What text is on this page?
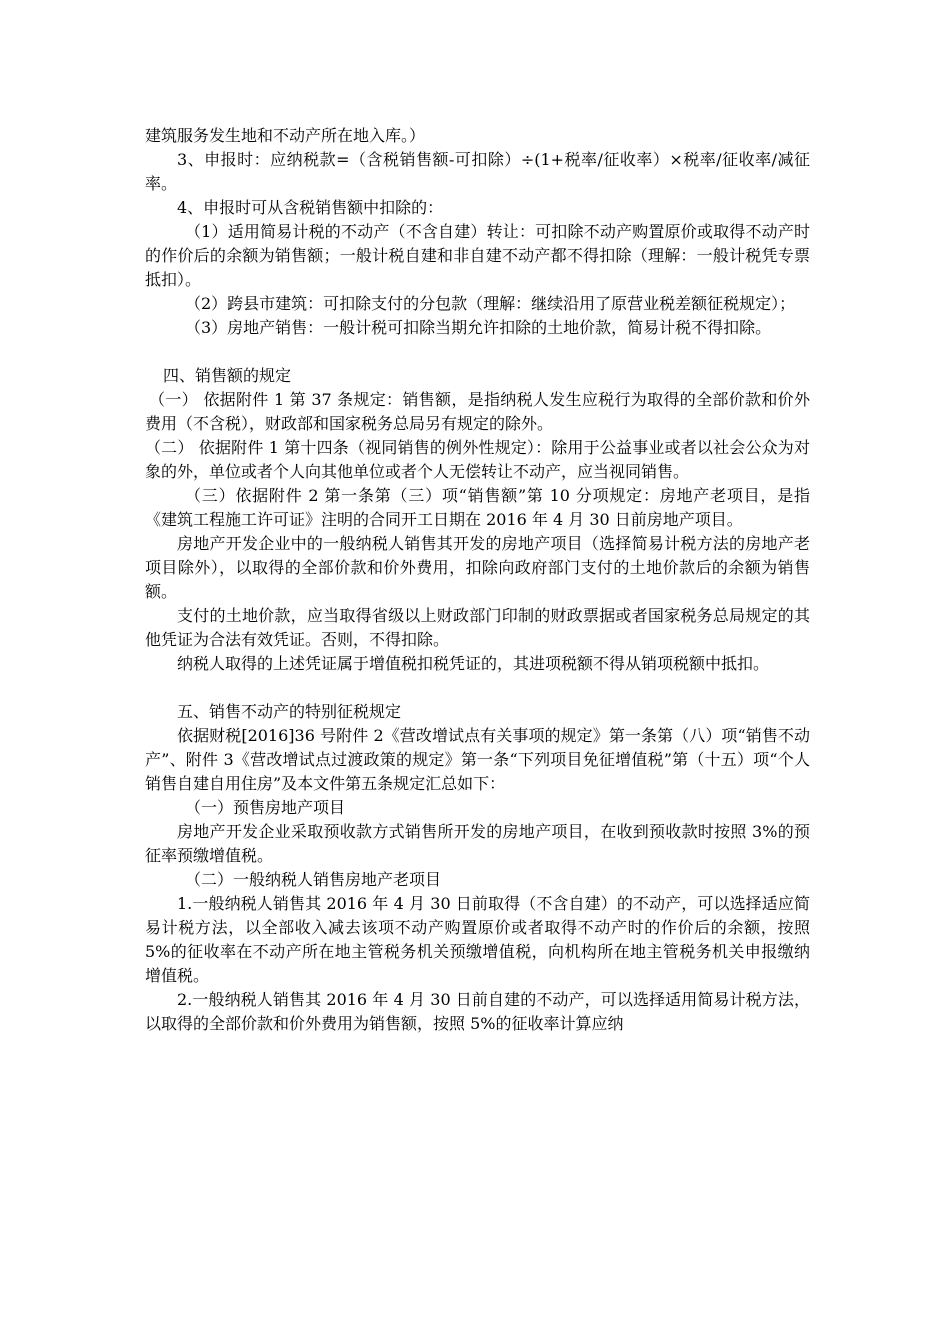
建筑服务发生地和不动产所在地入库。）

3、申报时：应纳税款=（含税销售额-可扣除）÷(1+税率/征收率）×税率/征收率/减征率。

4、申报时可从含税销售额中扣除的：

（1）适用简易计税的不动产（不含自建）转让：可扣除不动产购置原价或取得不动产时的作价后的余额为销售额；一般计税自建和非自建不动产都不得扣除（理解：一般计税凭专票抵扣）。

（2）跨县市建筑：可扣除支付的分包款（理解：继续沿用了原营业税差额征税规定）；

（3）房地产销售：一般计税可扣除当期允许扣除的土地价款，简易计税不得扣除。

四、销售额的规定

（一） 依据附件 1 第 37 条规定：销售额，是指纳税人发生应税行为取得的全部价款和价外费用（不含税），财政部和国家税务总局另有规定的除外。

（二） 依据附件 1 第十四条（视同销售的例外性规定）：除用于公益事业或者以社会公众为对象的外，单位或者个人向其他单位或者个人无偿转让不动产，应当视同销售。

（三）依据附件 2 第一条第（三）项“销售额”第 10 分项规定：房地产老项目，是指《建筑工程施工许可证》注明的合同开工日期在 2016 年 4 月 30 日前房地产项目。

房地产开发企业中的一般纳税人销售其开发的房地产项目（选择简易计税方法的房地产老项目除外），以取得的全部价款和价外费用，扣除向政府部门支付的土地价款后的余额为销售额。

支付的土地价款，应当取得省级以上财政部门印制的财政票据或者国家税务总局规定的其他凭证为合法有效凭证。否则，不得扣除。

纳税人取得的上述凭证属于增值税扣税凭证的，其进项税额不得从销项税额中抵扣。

五、销售不动产的特别征税规定

依据财税[2016]36 号附件 2《营改增试点有关事项的规定》第一条第（八）项“销售不动产”、附件 3《营改增试点过渡政策的规定》第一条“下列项目免征增值税”第（十五）项“个人销售自建自用住房”及本文件第五条规定汇总如下：

（一）预售房地产项目

房地产开发企业采取预收款方式销售所开发的房地产项目，在收到预收款时按照 3%的预征率预缴增值税。

（二）一般纳税人销售房地产老项目

1.一般纳税人销售其 2016 年 4 月 30 日前取得（不含自建）的不动产，可以选择适应简易计税方法，以全部收入减去该项不动产购置原价或者取得不动产时的作价后的余额，按照 5%的征收率在不动产所在地主管税务机关预缴增值税，向机构所在地主管税务机关申报缴纳增值税。

2.一般纳税人销售其 2016 年 4 月 30 日前自建的不动产，可以选择适用简易计税方法，以取得的全部价款和价外费用为销售额，按照 5%的征收率计算应纳
